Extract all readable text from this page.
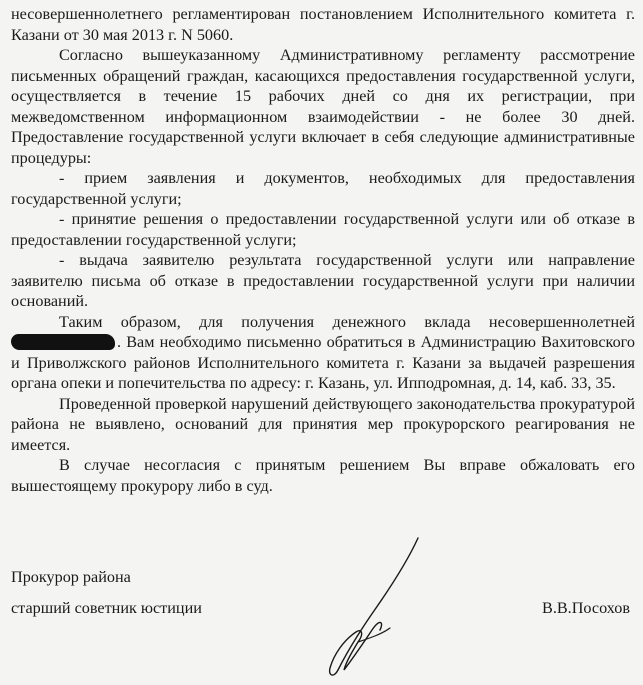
несовершеннолетнего регламентирован постановлением Исполнительного комитета г. Казани от 30 мая 2013 г. N 5060.

Согласно вышеуказанному Административному регламенту рассмотрение письменных обращений граждан, касающихся предоставления государственной услуги, осуществляется в течение 15 рабочих дней со дня их регистрации, при межведомственном информационном взаимодействии - не более 30 дней. Предоставление государственной услуги включает в себя следующие административные процедуры:

- прием заявления и документов, необходимых для предоставления государственной услуги;

- принятие решения о предоставлении государственной услуги или об отказе в предоставлении государственной услуги;

- выдача заявителю результата государственной услуги или направление заявителю письма об отказе в предоставлении государственной услуги при наличии оснований.

Таким образом, для получения денежного вклада несовершеннолетней . Вам необходимо письменно обратиться в Администрацию Вахитовского и Приволжского районов Исполнительного комитета г. Казани за выдачей разрешения органа опеки и попечительства по адресу: г. Казань, ул. Ипподромная, д. 14, каб. 33, 35.

Проведенной проверкой нарушений действующего законодательства прокуратурой района не выявлено, оснований для принятия мер прокурорского реагирования не имеется.

В случае несогласия с принятым решением Вы вправе обжаловать его вышестоящему прокурору либо в суд.

Прокурор района
старший советник юстиции	В.В.Посохов
